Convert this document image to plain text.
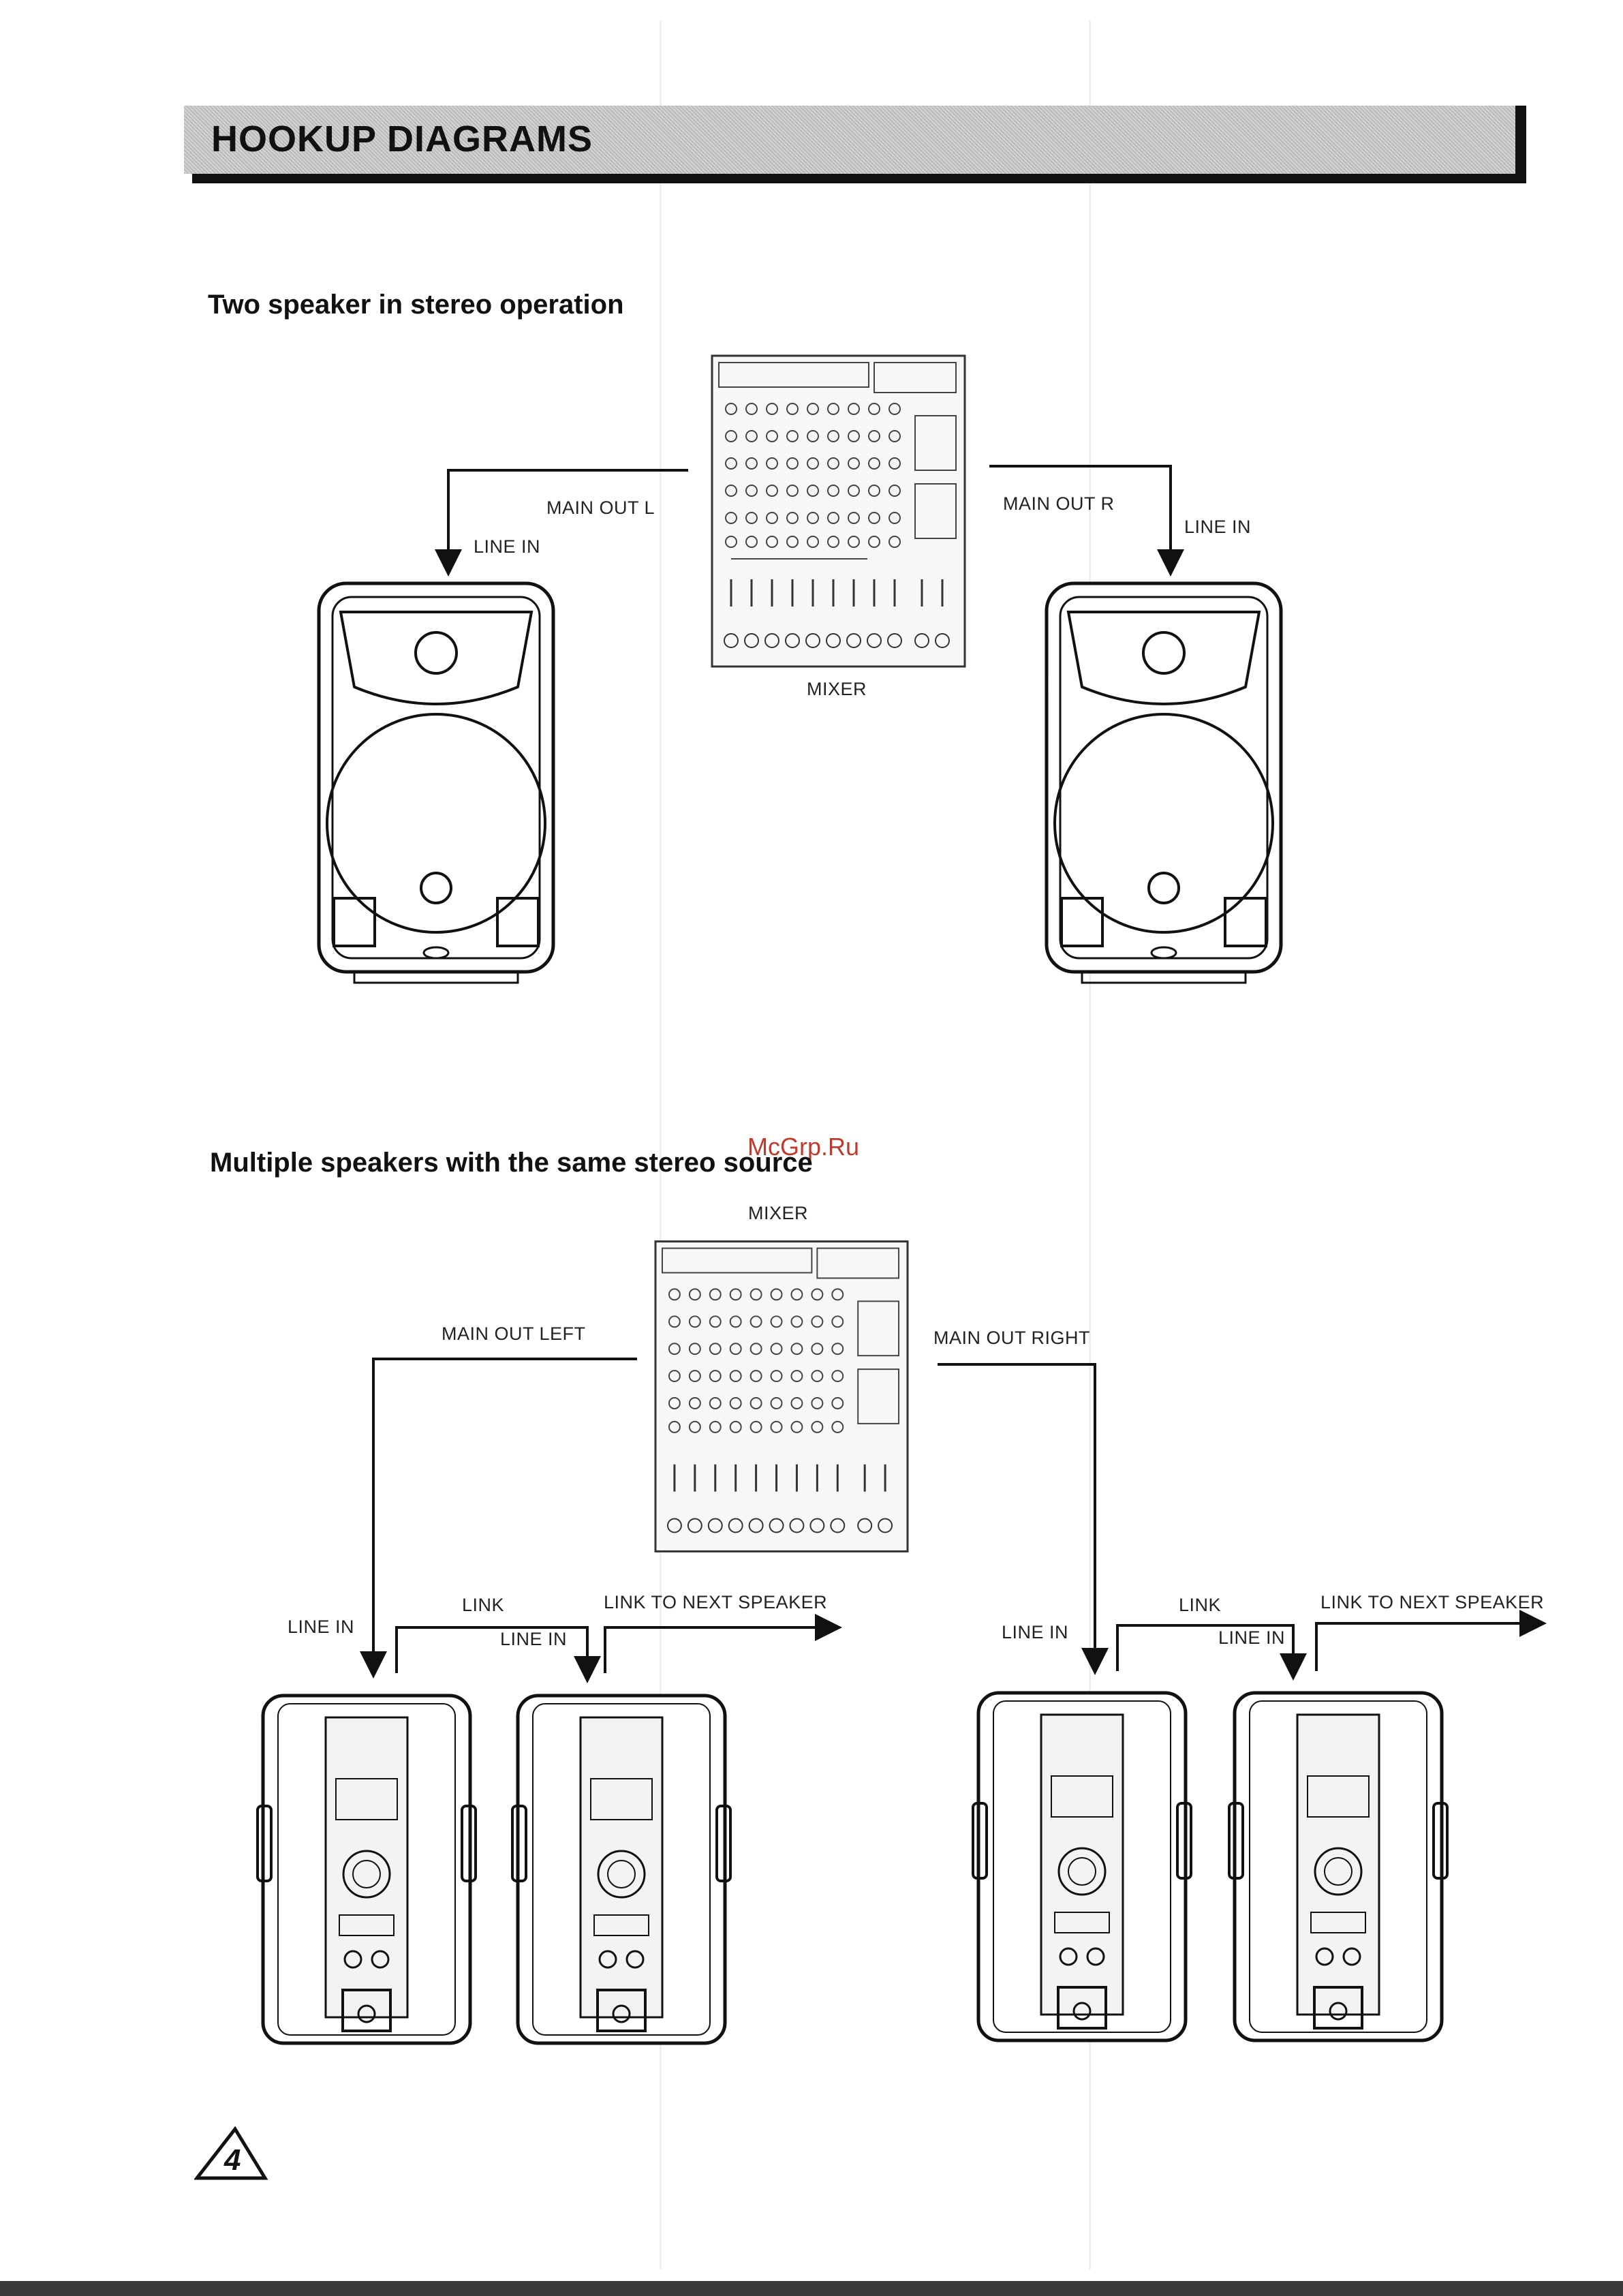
HOOKUP DIAGRAMS
Two speaker in stereo operation
MAIN OUT L	MAIN OUT R
LINE IN
LINE IN
MIXER
McGrp.Ru
Multiple speakers with the same stereo source
MIXER
MAIN OUT LEFT	MAIN OUT RIGHT
LINE IN
LINK
LINE IN
LINK TO NEXT SPEAKER
LINE IN
LINK
LINE IN
LINK TO NEXT SPEAKER
4
